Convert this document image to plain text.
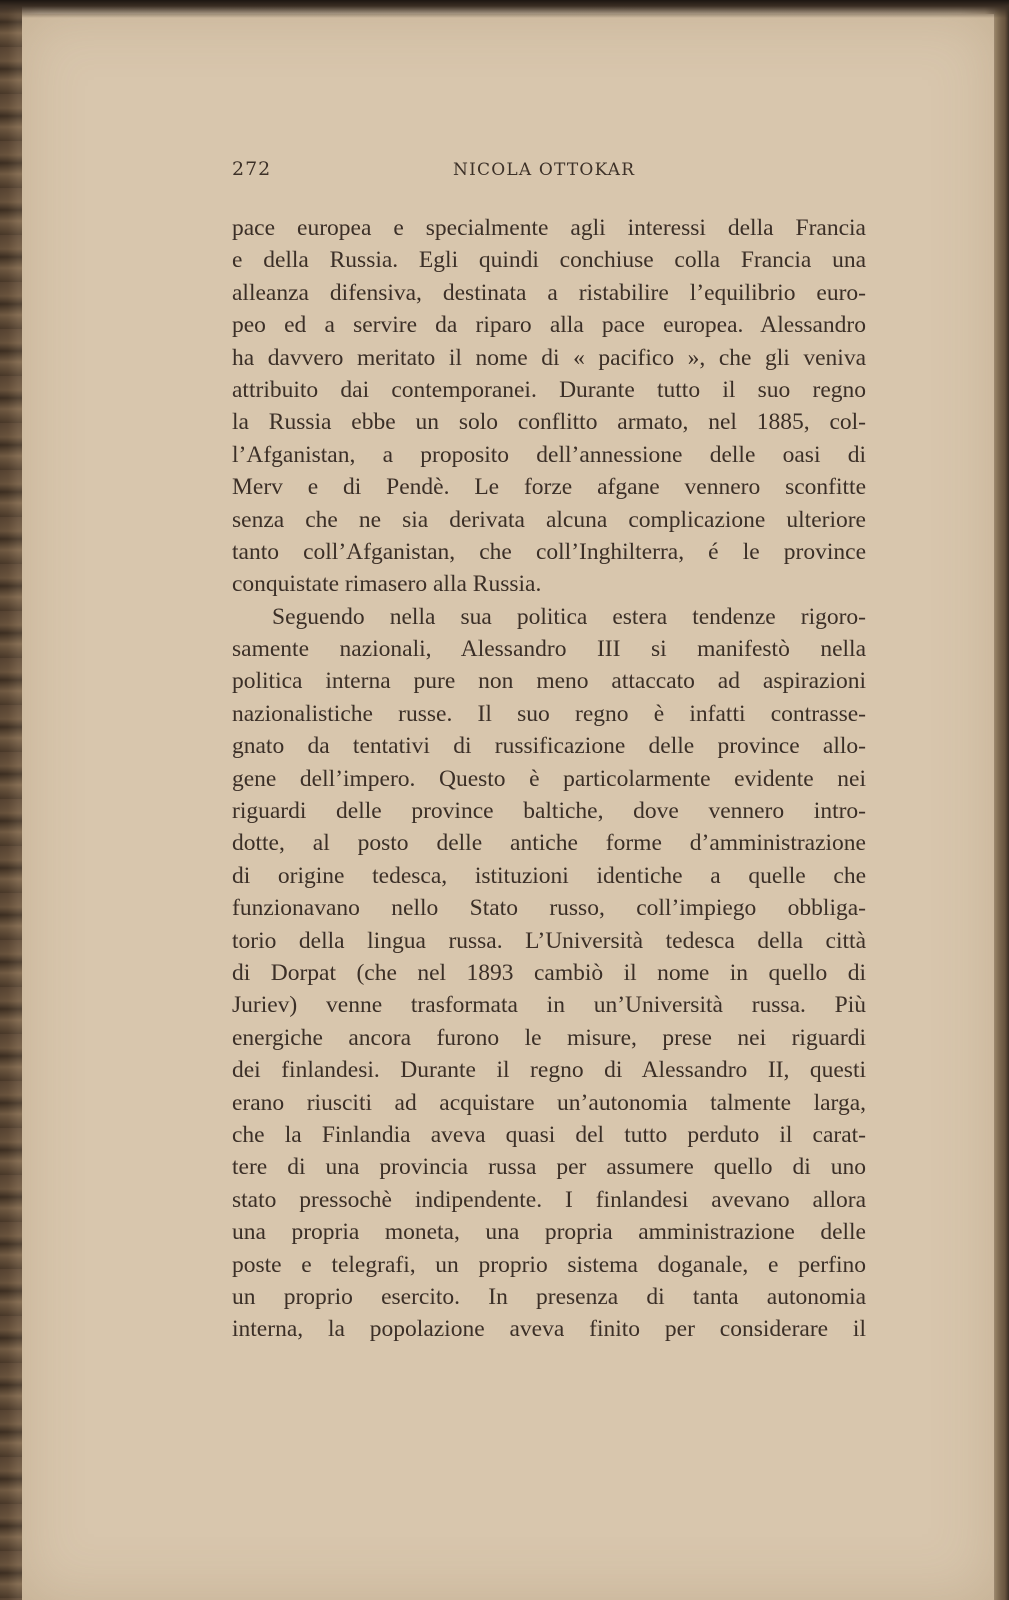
272	NICOLA OTTOKAR
pace europea e specialmente agli interessi della Francia
e della Russia. Egli quindi conchiuse colla Francia una
alleanza difensiva, destinata a ristabilire l’equilibrio euro-
peo ed a servire da riparo alla pace europea. Alessandro
ha davvero meritato il nome di « pacifico », che gli veniva
attribuito dai contemporanei. Durante tutto il suo regno
la Russia ebbe un solo conflitto armato, nel 1885, col-
l’Afganistan, a proposito dell’annessione delle oasi di
Merv e di Pendè. Le forze afgane vennero sconfitte
senza che ne sia derivata alcuna complicazione ulteriore
tanto coll’Afganistan, che coll’Inghilterra, é le province
conquistate rimasero alla Russia.
Seguendo nella sua politica estera tendenze rigoro-
samente nazionali, Alessandro III si manifestò nella
politica interna pure non meno attaccato ad aspirazioni
nazionalistiche russe. Il suo regno è infatti contrasse-
gnato da tentativi di russificazione delle province allo-
gene dell’impero. Questo è particolarmente evidente nei
riguardi delle province baltiche, dove vennero intro-
dotte, al posto delle antiche forme d’amministrazione
di origine tedesca, istituzioni identiche a quelle che
funzionavano nello Stato russo, coll’impiego obbliga-
torio della lingua russa. L’Università tedesca della città
di Dorpat (che nel 1893 cambiò il nome in quello di
Juriev) venne trasformata in un’Università russa. Più
energiche ancora furono le misure, prese nei riguardi
dei finlandesi. Durante il regno di Alessandro II, questi
erano riusciti ad acquistare un’autonomia talmente larga,
che la Finlandia aveva quasi del tutto perduto il carat-
tere di una provincia russa per assumere quello di uno
stato pressochè indipendente. I finlandesi avevano allora
una propria moneta, una propria amministrazione delle
poste e telegrafi, un proprio sistema doganale, e perfino
un proprio esercito. In presenza di tanta autonomia
interna, la popolazione aveva finito per considerare il
